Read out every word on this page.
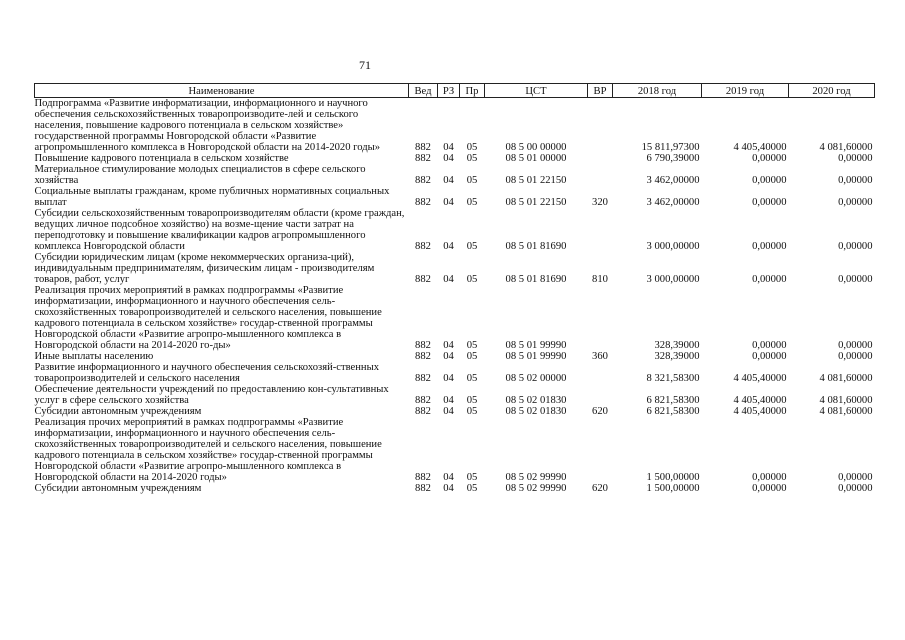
71
Наименование	Вед	РЗ	Пр	ЦСТ	ВР	2018 год	2019 год	2020 год
Подпрограмма «Развитие информатизации, информационного и научного обеспечения сельскохозяйственных товаропроизводите-лей и сельского населения, повышение кадрового потенциала в сельском хозяйстве» государственной программы Новгородской области «Развитие агропромышленного комплекса в Новгородской области на 2014-2020 годы»	882	04	05	08 5 00 00000		15 811,97300	4 405,40000	4 081,60000
Повышение кадрового потенциала в сельском хозяйстве	882	04	05	08 5 01 00000		6 790,39000	0,00000	0,00000
Материальное стимулирование молодых специалистов в сфере сельского хозяйства	882	04	05	08 5 01 22150		3 462,00000	0,00000	0,00000
Социальные выплаты гражданам, кроме публичных нормативных социальных выплат	882	04	05	08 5 01 22150	320	3 462,00000	0,00000	0,00000
Субсидии сельскохозяйственным товаропроизводителям области (кроме граждан, ведущих личное подсобное хозяйство) на возме-щение части затрат на переподготовку и повышение квалификации кадров агропромышленного комплекса Новгородской области	882	04	05	08 5 01 81690		3 000,00000	0,00000	0,00000
Субсидии юридическим лицам (кроме некоммерческих организа-ций), индивидуальным предпринимателям, физическим лицам - производителям товаров, работ, услуг	882	04	05	08 5 01 81690	810	3 000,00000	0,00000	0,00000
Реализация прочих мероприятий в рамках подпрограммы «Развитие информатизации, информационного и научного обеспечения сель-скохозяйственных товаропроизводителей и сельского населения, повышение кадрового потенциала в сельском хозяйстве» государ-ственной программы Новгородской области «Развитие агропро-мышленного комплекса в Новгородской области на 2014-2020 го-ды»	882	04	05	08 5 01 99990		328,39000	0,00000	0,00000
Иные выплаты населению	882	04	05	08 5 01 99990	360	328,39000	0,00000	0,00000
Развитие информационного и научного обеспечения сельскохозяй-ственных товаропроизводителей и сельского населения	882	04	05	08 5 02 00000		8 321,58300	4 405,40000	4 081,60000
Обеспечение деятельности учреждений по предоставлению кон-сультативных услуг в сфере сельского хозяйства	882	04	05	08 5 02 01830		6 821,58300	4 405,40000	4 081,60000
Субсидии автономным учреждениям	882	04	05	08 5 02 01830	620	6 821,58300	4 405,40000	4 081,60000
Реализация прочих мероприятий в рамках подпрограммы «Развитие информатизации, информационного и научного обеспечения сель-скохозяйственных товаропроизводителей и сельского населения, повышение кадрового потенциала в сельском хозяйстве» государ-ственной программы Новгородской области «Развитие агропро-мышленного комплекса в Новгородской области на 2014-2020 годы»	882	04	05	08 5 02 99990		1 500,00000	0,00000	0,00000
Субсидии автономным учреждениям	882	04	05	08 5 02 99990	620	1 500,00000	0,00000	0,00000
